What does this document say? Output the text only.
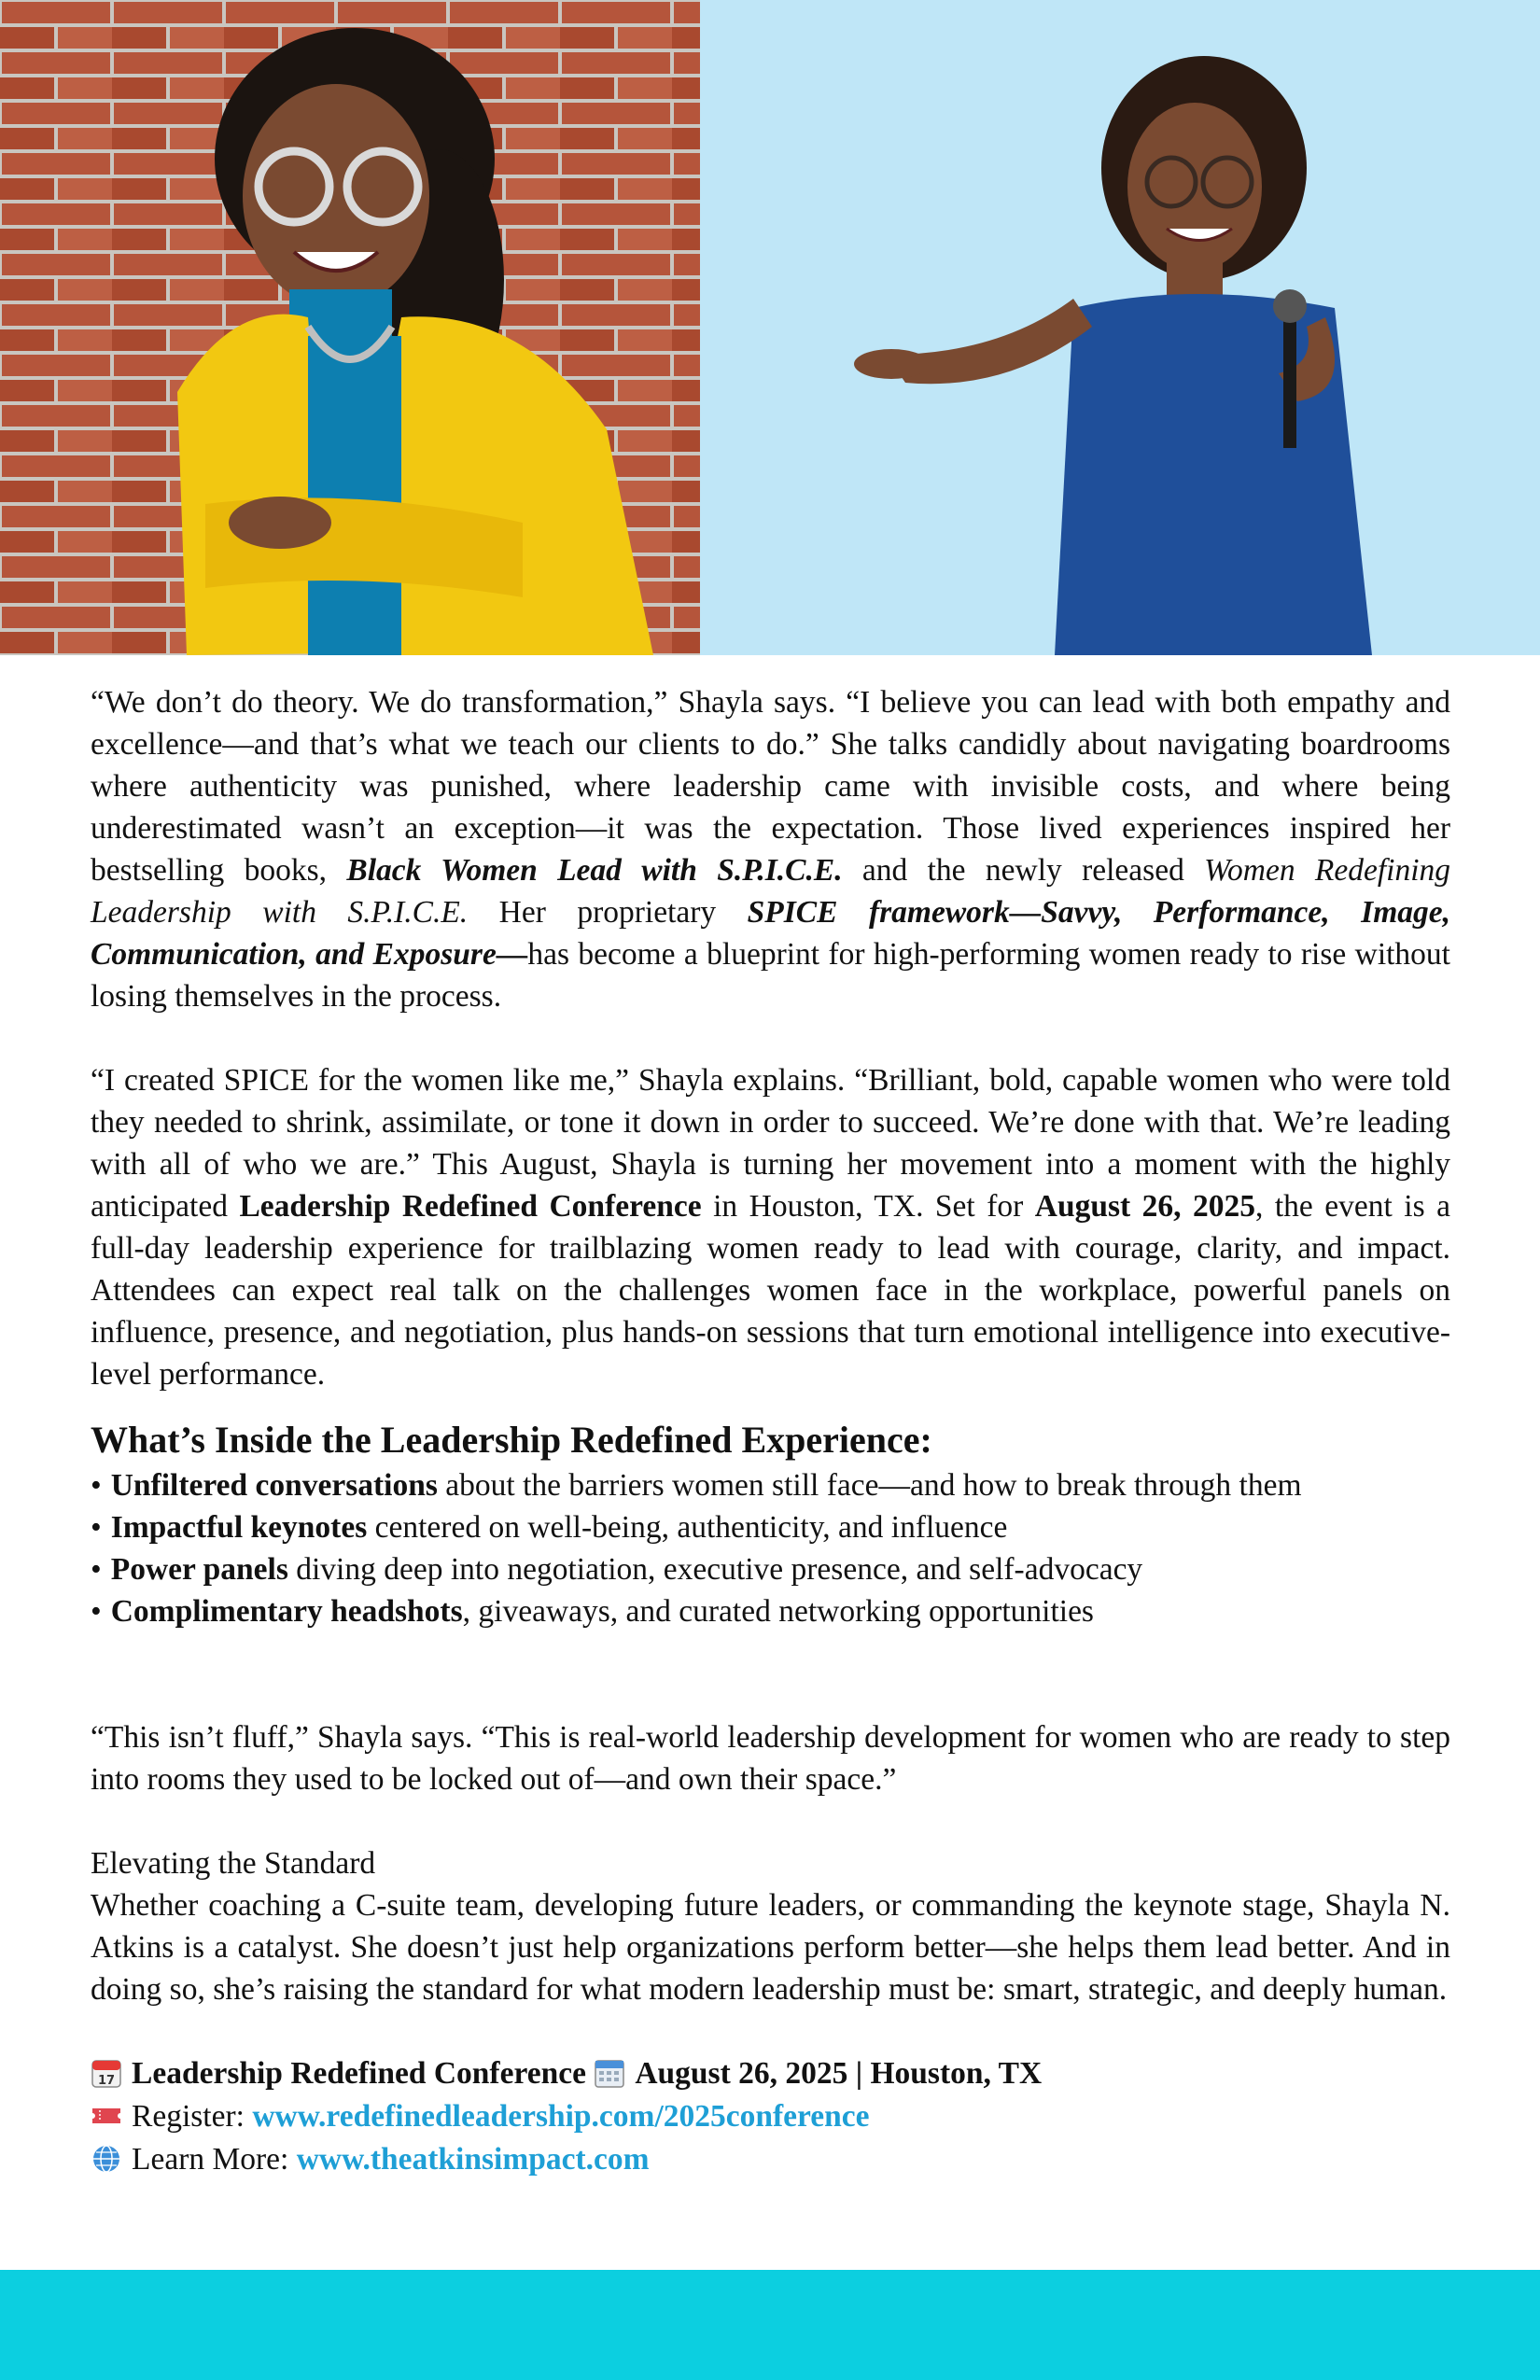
“We don’t do theory. We do transformation,” Shayla says. “I believe you can lead with both empathy and excellence—and that’s what we teach our clients to do.” She talks candidly about navigating boardrooms where authenticity was punished, where leadership came with invisible costs, and where being underestimated wasn’t an exception—it was the expectation. Those lived experiences inspired her bestselling books, Black Women Lead with S.P.I.C.E. and the newly released Women Redefining Leadership with S.P.I.C.E. Her proprietary SPICE framework—Savvy, Performance, Image, Communication, and Exposure—has become a blueprint for high-performing women ready to rise without losing themselves in the process.

“I created SPICE for the women like me,” Shayla explains. “Brilliant, bold, capable women who were told they needed to shrink, assimilate, or tone it down in order to succeed. We’re done with that. We’re leading with all of who we are.” This August, Shayla is turning her movement into a moment with the highly anticipated Leadership Redefined Conference in Houston, TX. Set for August 26, 2025, the event is a full-day leadership experience for trailblazing women ready to lead with courage, clarity, and impact. Attendees can expect real talk on the challenges women face in the workplace, powerful panels on influence, presence, and negotiation, plus hands-on sessions that turn emotional intelligence into executive-level performance.

What’s Inside the Leadership Redefined Experience:
• Unfiltered conversations about the barriers women still face—and how to break through them
• Impactful keynotes centered on well-being, authenticity, and influence
• Power panels diving deep into negotiation, executive presence, and self-advocacy
• Complimentary headshots, giveaways, and curated networking opportunities

“This isn’t fluff,” Shayla says. “This is real-world leadership development for women who are ready to step into rooms they used to be locked out of—and own their space.”

Elevating the Standard

Whether coaching a C-suite team, developing future leaders, or commanding the keynote stage, Shayla N. Atkins is a catalyst. She doesn’t just help organizations perform better—she helps them lead better. And in doing so, she’s raising the standard for what modern leadership must be: smart, strategic, and deeply human.

17 Leadership Redefined Conference August 26, 2025 | Houston, TX

Register: www.redefinedleadership.com/2025conference

Learn More: www.theatkinsimpact.com
